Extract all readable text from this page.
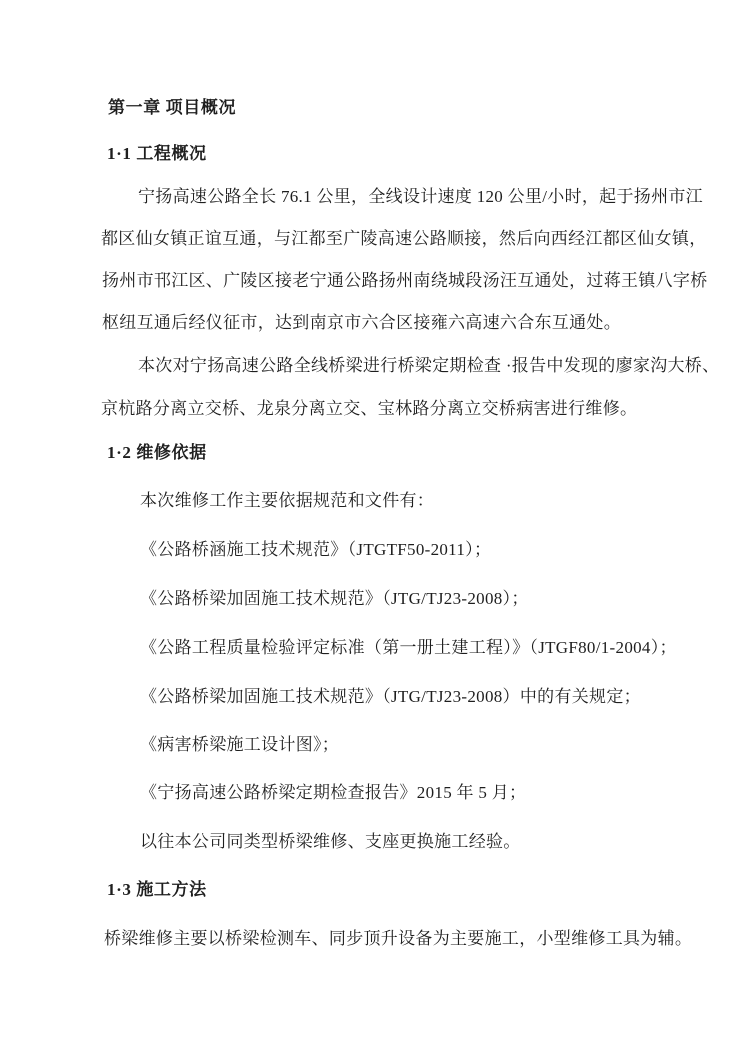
第一章 项目概况
1·1 工程概况
宁扬高速公路全长 76.1 公里，全线设计速度 120 公里/小时，起于扬州市江
都区仙女镇正谊互通，与江都至广陵高速公路顺接，然后向西经江都区仙女镇，
扬州市邗江区、广陵区接老宁通公路扬州南绕城段汤汪互通处，过蒋王镇八字桥
枢纽互通后经仪征市，达到南京市六合区接雍六高速六合东互通处。
本次对宁扬高速公路全线桥梁进行桥梁定期检查 ·报告中发现的廖家沟大桥、
京杭路分离立交桥、龙泉分离立交、宝林路分离立交桥病害进行维修。
1·2 维修依据
本次维修工作主要依据规范和文件有：
《公路桥涵施工技术规范》（JTGTF50-2011）；
《公路桥梁加固施工技术规范》（JTG/TJ23-2008）；
《公路工程质量检验评定标准（第一册土建工程）》（JTGF80/1-2004）；
《公路桥梁加固施工技术规范》（JTG/TJ23-2008）中的有关规定；
《病害桥梁施工设计图》；
《宁扬高速公路桥梁定期检查报告》2015 年 5 月；
以往本公司同类型桥梁维修、支座更换施工经验。
1·3 施工方法
桥梁维修主要以桥梁检测车、同步顶升设备为主要施工，小型维修工具为辅。
